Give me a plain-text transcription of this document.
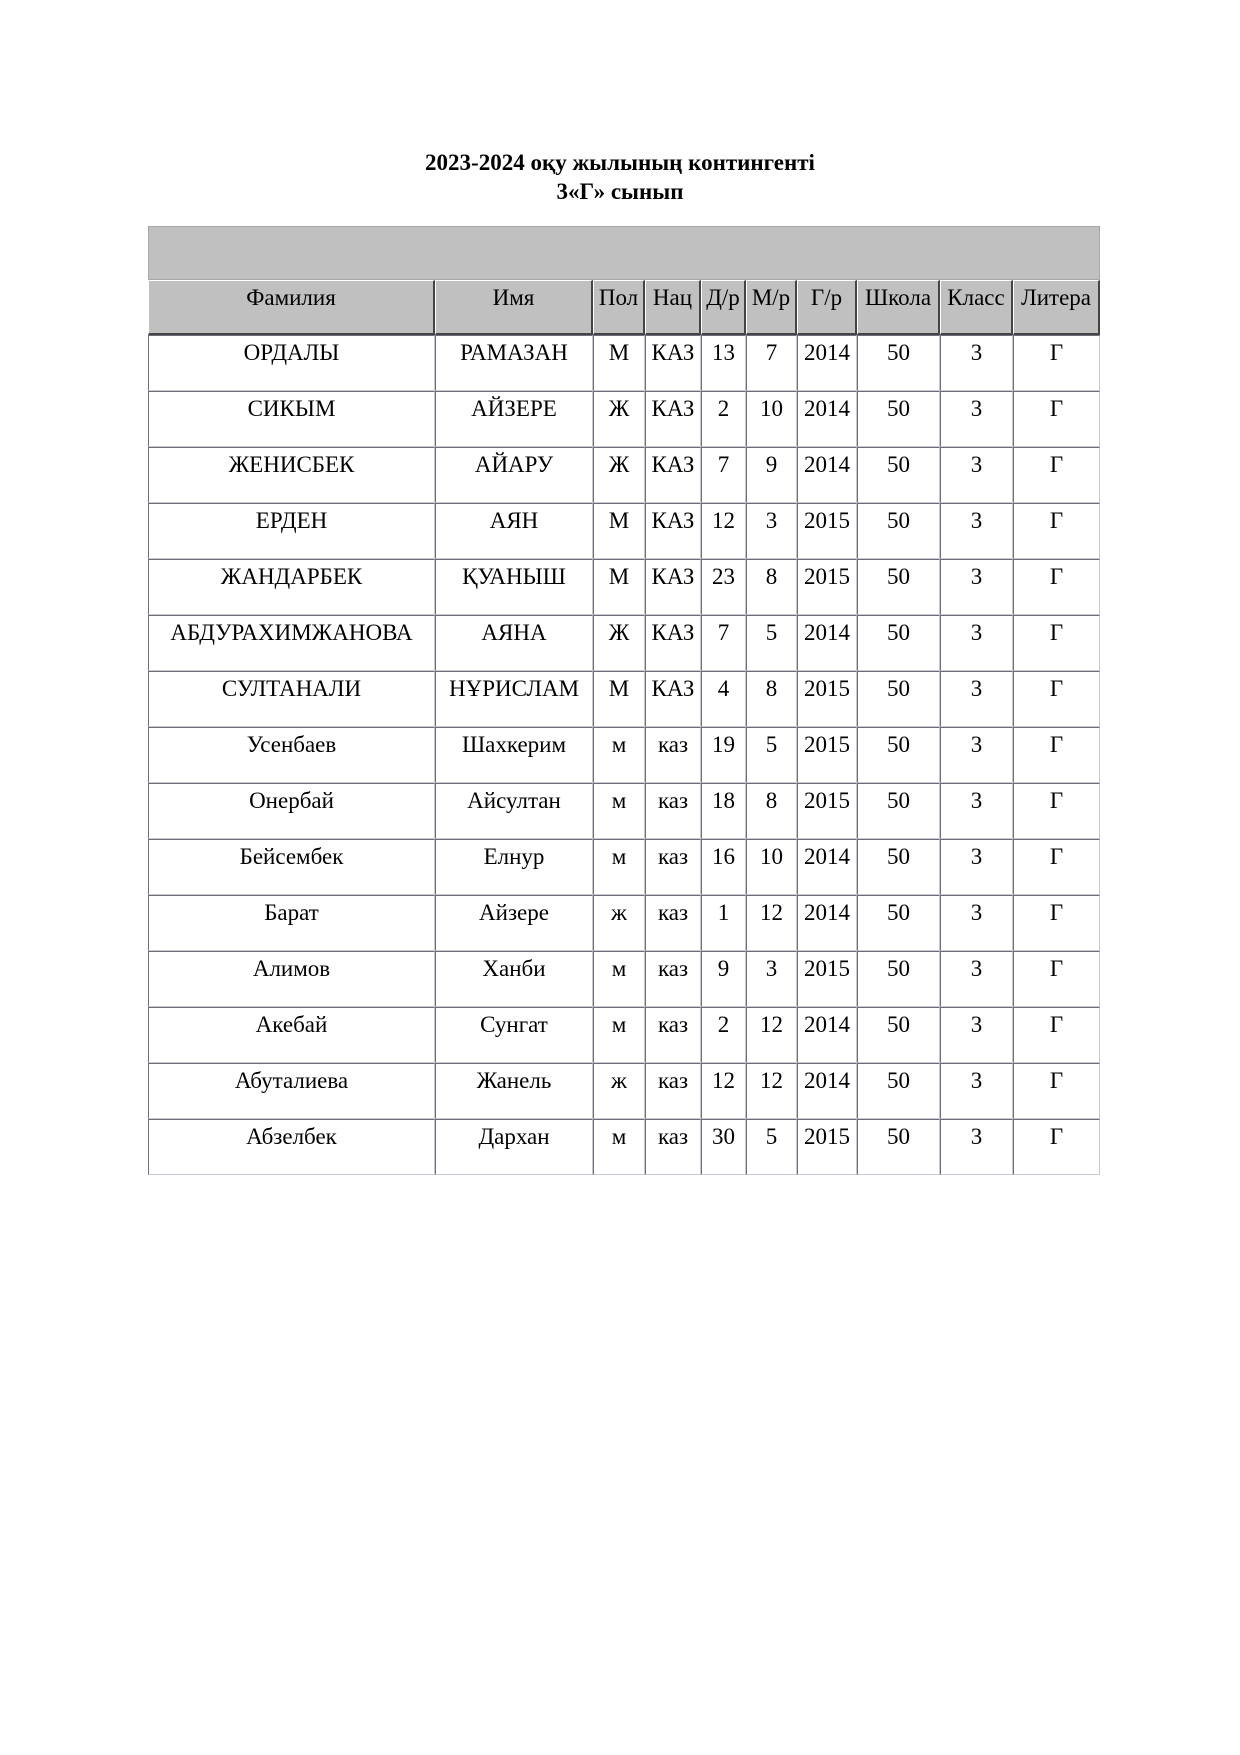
2023-2024 оқу жылының контингенті
3«Г» сынып

Фамилия	Имя	Пол	Нац	Д/р	М/р	Г/р	Школа	Класс	Литера
ОРДАЛЫ	РАМАЗАН	М	КАЗ	13	7	2014	50	3	Г
СИКЫМ	АЙЗЕРЕ	Ж	КАЗ	2	10	2014	50	3	Г
ЖЕНИСБЕК	АЙАРУ	Ж	КАЗ	7	9	2014	50	3	Г
ЕРДЕН	АЯН	М	КАЗ	12	3	2015	50	3	Г
ЖАНДАРБЕК	ҚУАНЫШ	М	КАЗ	23	8	2015	50	3	Г
АБДУРАХИМЖАНОВА	АЯНА	Ж	КАЗ	7	5	2014	50	3	Г
СУЛТАНАЛИ	НҰРИСЛАМ	М	КАЗ	4	8	2015	50	3	Г
Усенбаев	Шахкерим	м	каз	19	5	2015	50	3	Г
Онербай	Айсултан	м	каз	18	8	2015	50	3	Г
Бейсембек	Елнур	м	каз	16	10	2014	50	3	Г
Барат	Айзере	ж	каз	1	12	2014	50	3	Г
Алимов	Ханби	м	каз	9	3	2015	50	3	Г
Акебай	Сунгат	м	каз	2	12	2014	50	3	Г
Абуталиева	Жанель	ж	каз	12	12	2014	50	3	Г
Абзелбек	Дархан	м	каз	30	5	2015	50	3	Г
